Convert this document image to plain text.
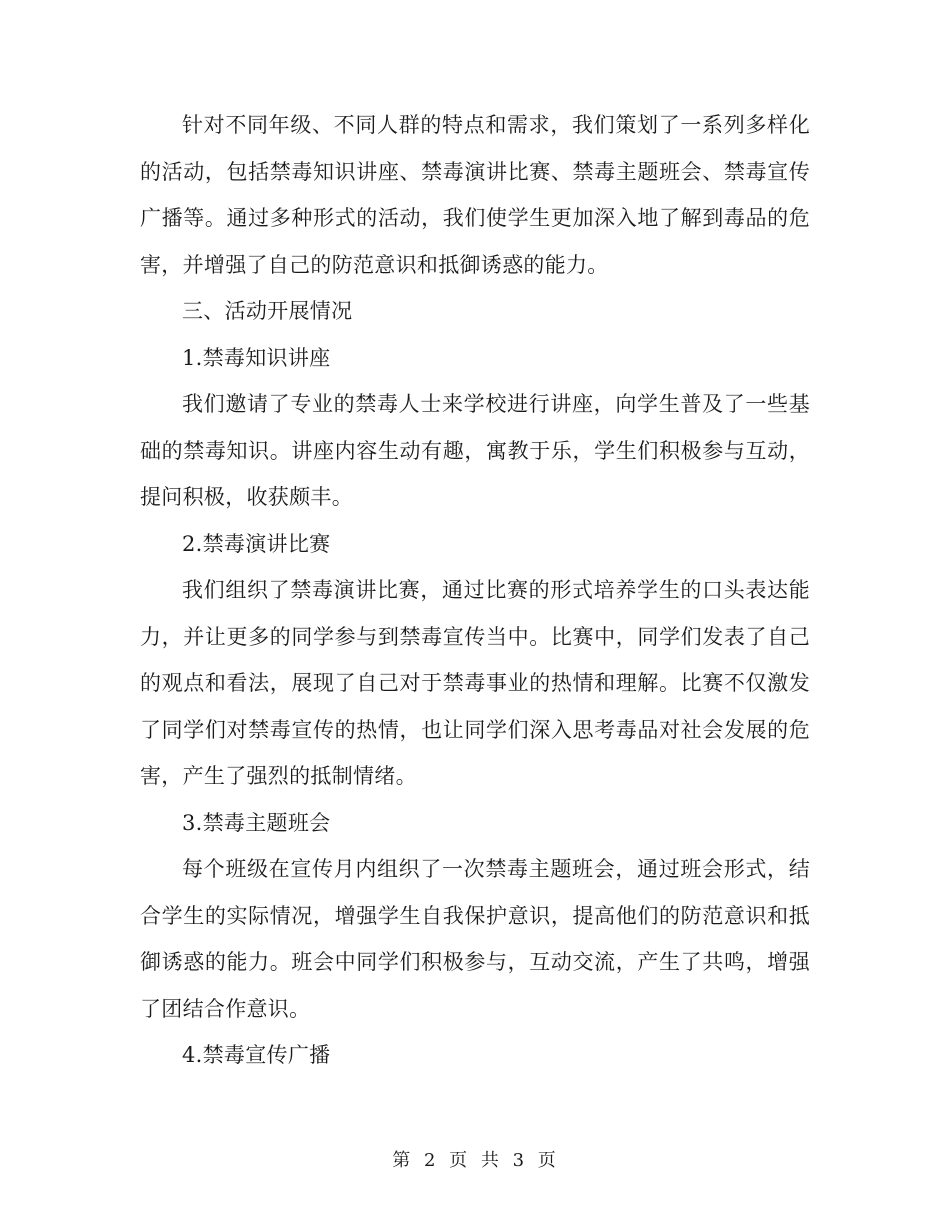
针对不同年级、不同人群的特点和需求，我们策划了一系列多样化的活动，包括禁毒知识讲座、禁毒演讲比赛、禁毒主题班会、禁毒宣传广播等。通过多种形式的活动，我们使学生更加深入地了解到毒品的危害，并增强了自己的防范意识和抵御诱惑的能力。

三、活动开展情况

1.禁毒知识讲座

我们邀请了专业的禁毒人士来学校进行讲座，向学生普及了一些基础的禁毒知识。讲座内容生动有趣，寓教于乐，学生们积极参与互动，提问积极，收获颇丰。

2.禁毒演讲比赛

我们组织了禁毒演讲比赛，通过比赛的形式培养学生的口头表达能力，并让更多的同学参与到禁毒宣传当中。比赛中，同学们发表了自己的观点和看法，展现了自己对于禁毒事业的热情和理解。比赛不仅激发了同学们对禁毒宣传的热情，也让同学们深入思考毒品对社会发展的危害，产生了强烈的抵制情绪。

3.禁毒主题班会

每个班级在宣传月内组织了一次禁毒主题班会，通过班会形式，结合学生的实际情况，增强学生自我保护意识，提高他们的防范意识和抵御诱惑的能力。班会中同学们积极参与，互动交流，产生了共鸣，增强了团结合作意识。

4.禁毒宣传广播

第 2 页 共 3 页
